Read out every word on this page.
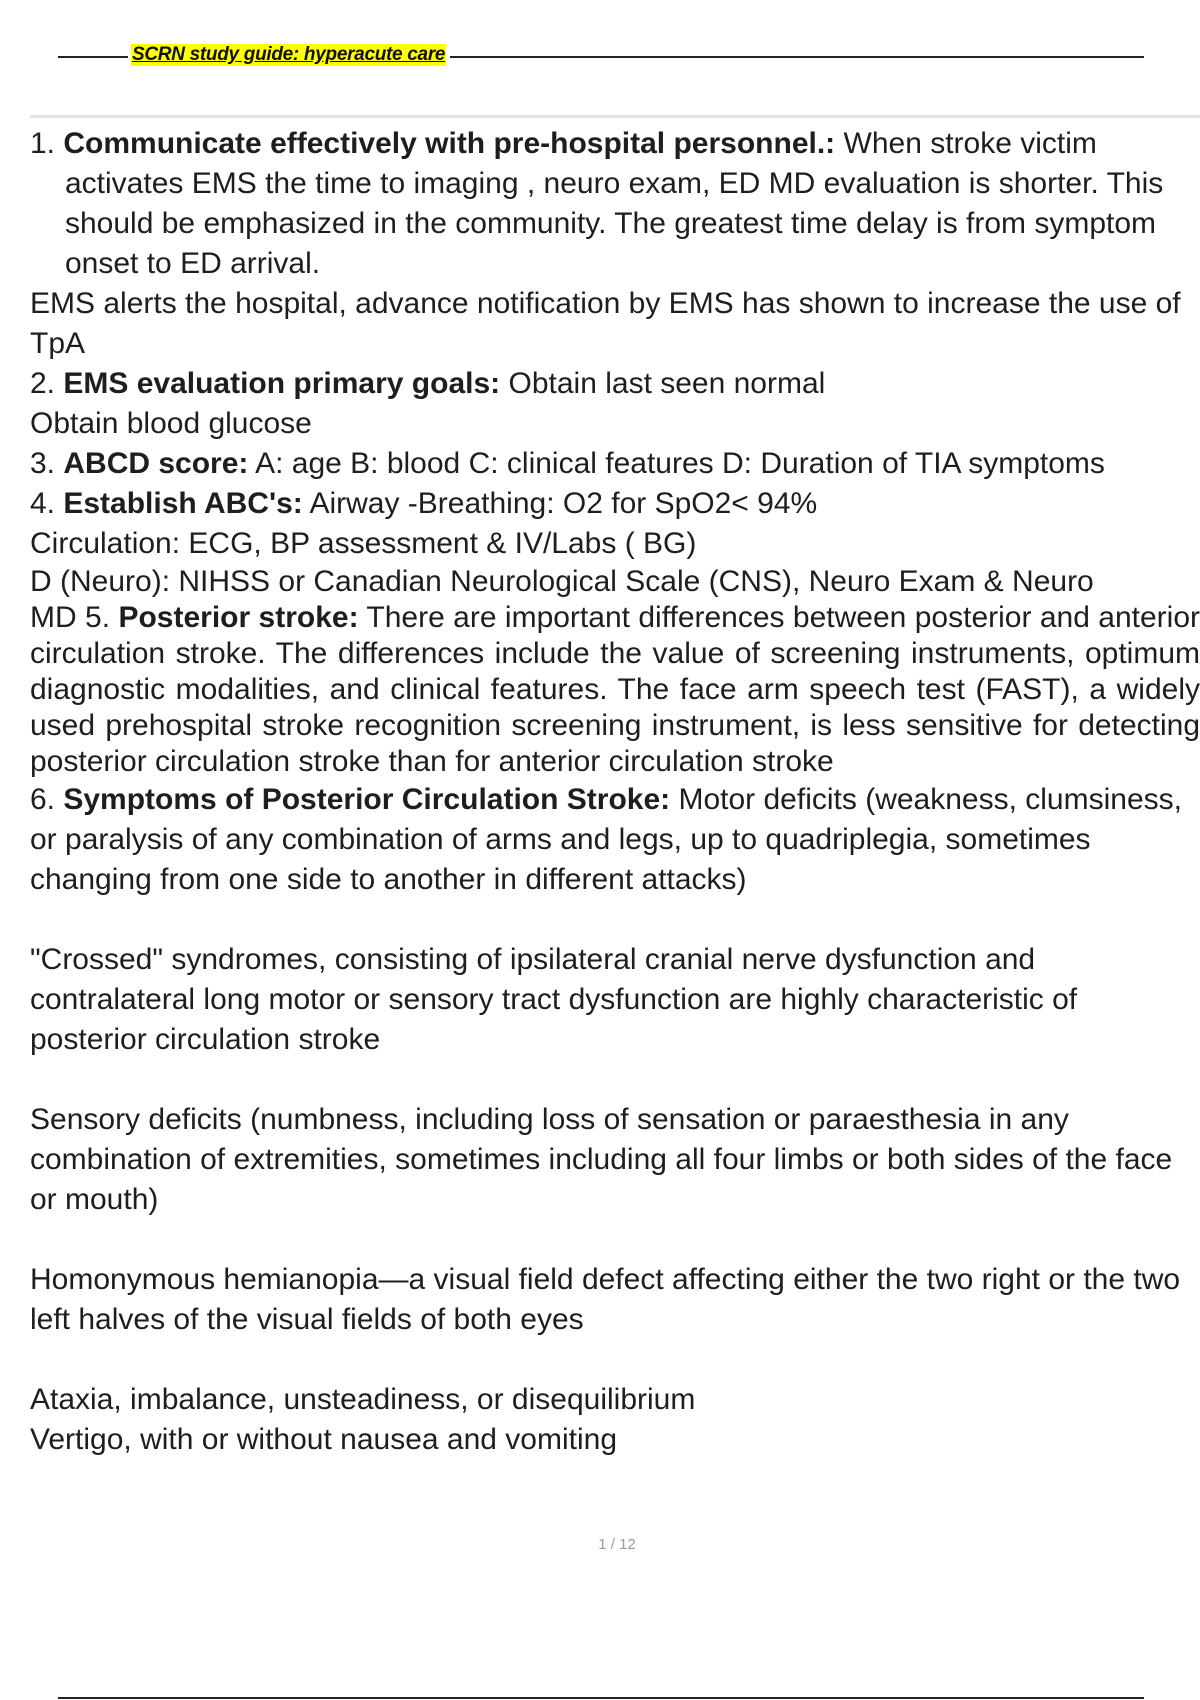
SCRN study guide: hyperacute care

1. Communicate effectively with pre-hospital personnel.: When stroke victim activates EMS the time to imaging , neuro exam, ED MD evaluation is shorter. This should be emphasized in the community. The greatest time delay is from symptom onset to ED arrival.

EMS alerts the hospital, advance notification by EMS has shown to increase the use of TpA

2. EMS evaluation primary goals: Obtain last seen normal

Obtain blood glucose

3. ABCD score: A: age B: blood C: clinical features D: Duration of TIA symptoms

4. Establish ABC's: Airway -Breathing: O2 for SpO2< 94%

Circulation: ECG, BP assessment & IV/Labs ( BG)

D (Neuro): NIHSS or Canadian Neurological Scale (CNS), Neuro Exam & Neuro

MD 5. Posterior stroke: There are important differences between posterior and anterior circulation stroke. The differences include the value of screening instruments, optimum diagnostic modalities, and clinical features. The face arm speech test (FAST), a widely used prehospital stroke recognition screening instrument, is less sensitive for detecting posterior circulation stroke than for anterior circulation stroke

6. Symptoms of Posterior Circulation Stroke: Motor deficits (weakness, clumsiness, or paralysis of any combination of arms and legs, up to quadriplegia, sometimes changing from one side to another in different attacks)

"Crossed" syndromes, consisting of ipsilateral cranial nerve dysfunction and contralateral long motor or sensory tract dysfunction are highly characteristic of posterior circulation stroke

Sensory deficits (numbness, including loss of sensation or paraesthesia in any combination of extremities, sometimes including all four limbs or both sides of the face or mouth)

Homonymous hemianopia—a visual field defect affecting either the two right or the two left halves of the visual fields of both eyes

Ataxia, imbalance, unsteadiness, or disequilibrium

Vertigo, with or without nausea and vomiting

1 / 12
